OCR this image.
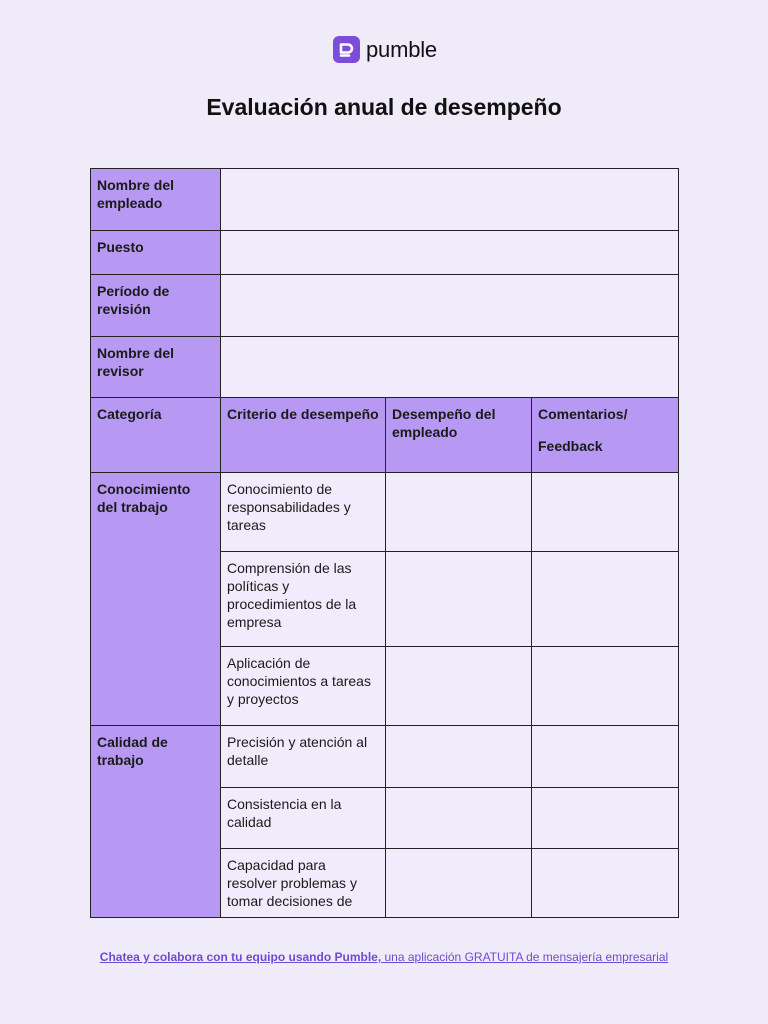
pumble
Evaluación anual de desempeño
Nombre del empleado			
Puesto			
Período de revisión			
Nombre del revisor			
Categoría	Criterio de desempeño	Desempeño del empleado	Comentarios/
Feedback

Conocimiento del trabajo	Conocimiento de responsabilidades y tareas		
	Comprensión de las políticas y procedimientos de la empresa		
	Aplicación de conocimientos a tareas y proyectos		
Calidad de trabajo	Precisión y atención al detalle		
	Consistencia en la calidad		
	Capacidad para resolver problemas y tomar decisiones de		
Chatea y colabora con tu equipo usando Pumble, una aplicación GRATUITA de mensajería empresarial
